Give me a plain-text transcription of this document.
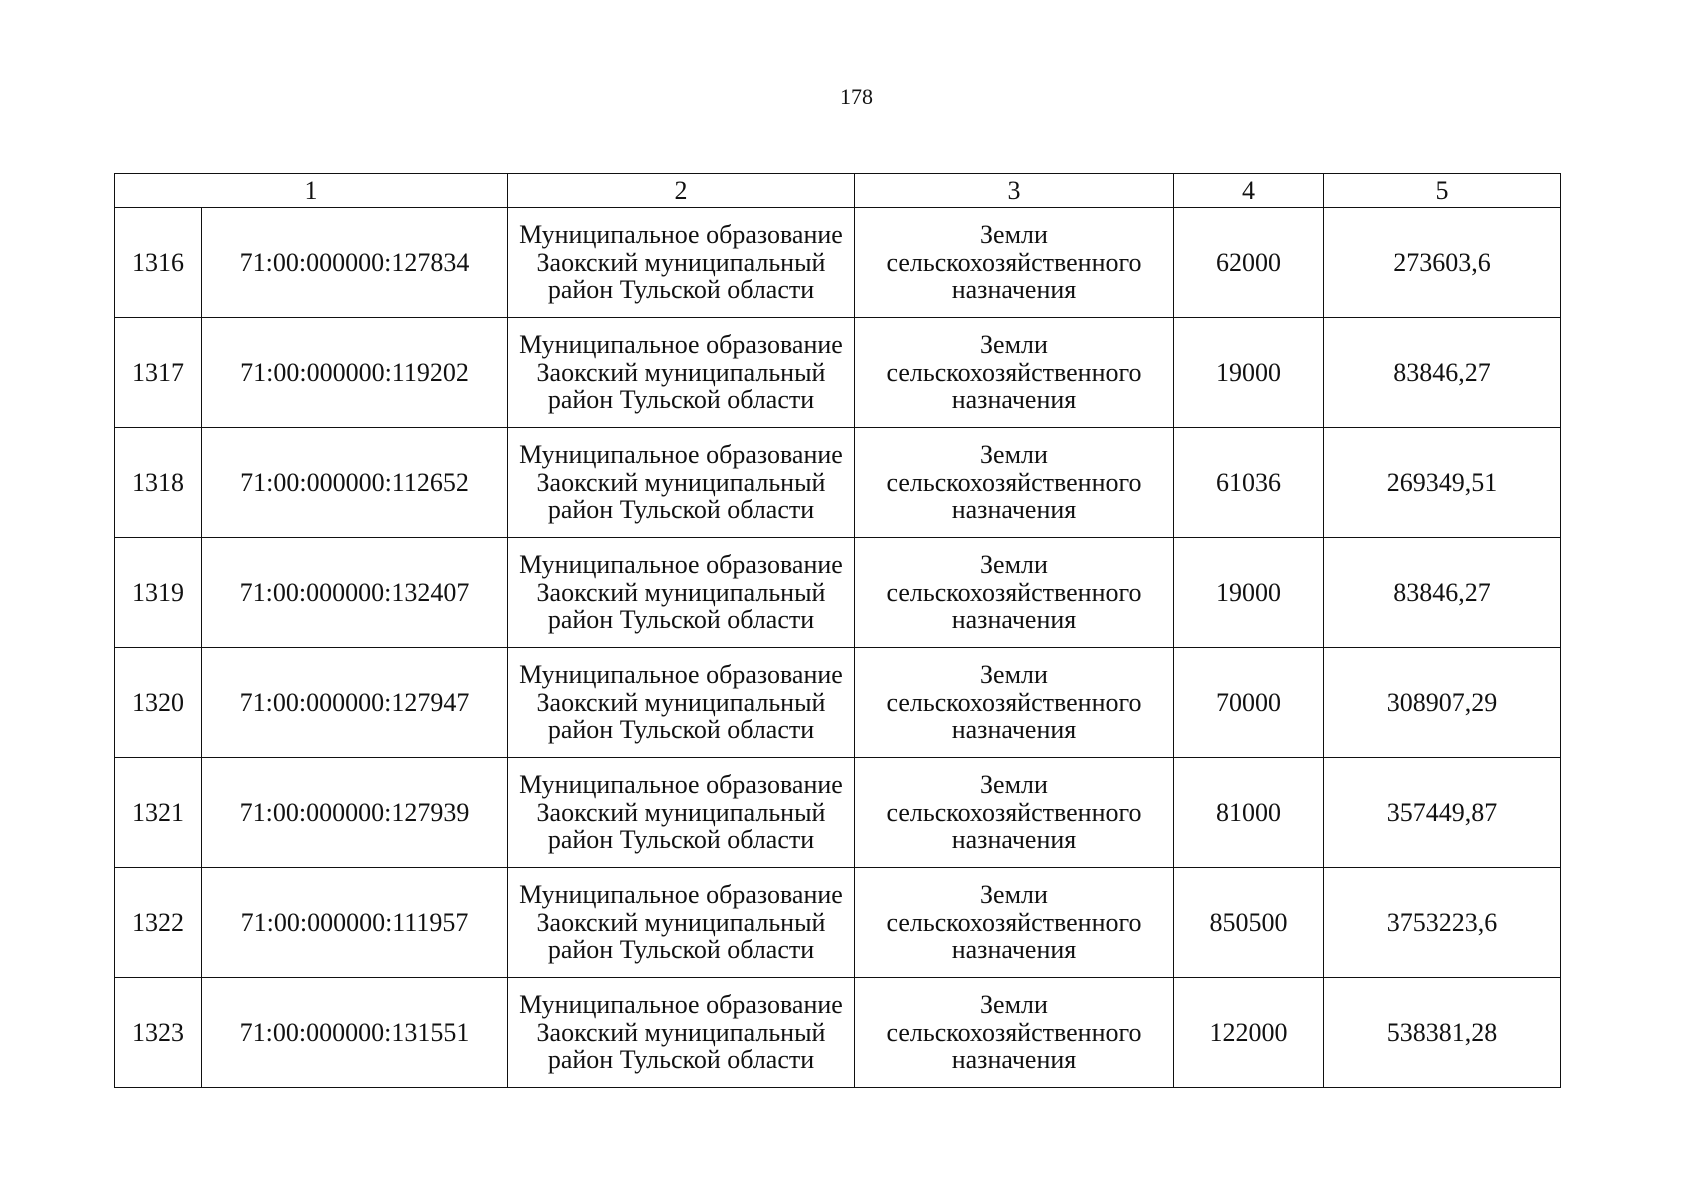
178
1		2	3	4	5
1316	71:00:000000:127834	Муниципальное образование Заокский муниципальный район Тульской области	Земли сельскохозяйственного назначения	62000	273603,6
1317	71:00:000000:119202	Муниципальное образование Заокский муниципальный район Тульской области	Земли сельскохозяйственного назначения	19000	83846,27
1318	71:00:000000:112652	Муниципальное образование Заокский муниципальный район Тульской области	Земли сельскохозяйственного назначения	61036	269349,51
1319	71:00:000000:132407	Муниципальное образование Заокский муниципальный район Тульской области	Земли сельскохозяйственного назначения	19000	83846,27
1320	71:00:000000:127947	Муниципальное образование Заокский муниципальный район Тульской области	Земли сельскохозяйственного назначения	70000	308907,29
1321	71:00:000000:127939	Муниципальное образование Заокский муниципальный район Тульской области	Земли сельскохозяйственного назначения	81000	357449,87
1322	71:00:000000:111957	Муниципальное образование Заокский муниципальный район Тульской области	Земли сельскохозяйственного назначения	850500	3753223,6
1323	71:00:000000:131551	Муниципальное образование Заокский муниципальный район Тульской области	Земли сельскохозяйственного назначения	122000	538381,28
